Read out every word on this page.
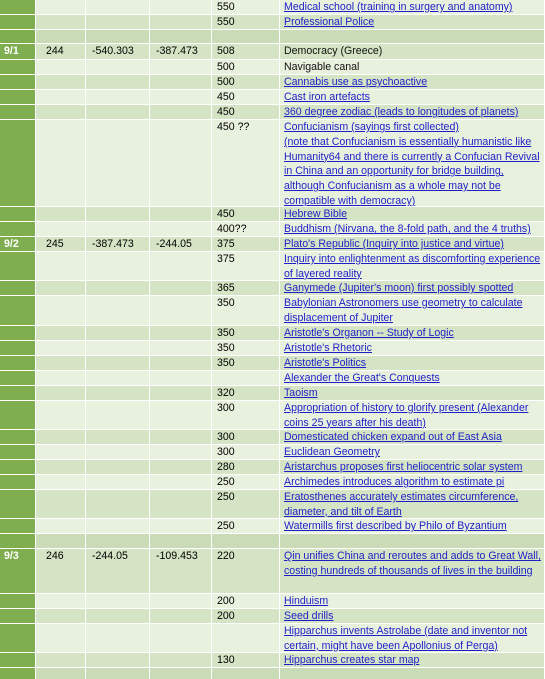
550	Medical school (training in surgery and anatomy)
550	Professional Police
9/1	244	-540.303	-387.473	508	Democracy (Greece)
500	Navigable canal
500	Cannabis use as psychoactive
450	Cast iron artefacts
450	360 degree zodiac (leads to longitudes of planets)
450 ??	Confucianism (sayings first collected)
(note that Confucianism is essentially humanistic like Humanity64 and there is currently a Confucian Revival in China and an opportunity for bridge building, although Confucianism as a whole may not be compatible with democracy)
450	Hebrew Bible
400??	Buddhism (Nirvana, the 8-fold path, and the 4 truths)
9/2	245	-387.473	-244.05	375	Plato's Republic (Inquiry into justice and virtue)
375	Inquiry into enlightenment as discomforting experience of layered reality
365	Ganymede (Jupiter's moon) first possibly spotted
350	Babylonian Astronomers use geometry to calculate displacement of Jupiter
350	Aristotle's Organon -- Study of Logic
350	Aristotle's Rhetoric
350	Aristotle's Politics
Alexander the Great's Conquests
320	Taoism
300	Appropriation of history to glorify present (Alexander coins 25 years after his death)
300	Domesticated chicken expand out of East Asia
300	Euclidean Geometry
280	Aristarchus proposes first heliocentric solar system
250	Archimedes introduces algorithm to estimate pi
250	Eratosthenes accurately estimates circumference, diameter, and tilt of Earth
250	Watermills first described by Philo of Byzantium
9/3	246	-244.05	-109.453	220	Qin unifies China and reroutes and adds to Great Wall, costing hundreds of thousands of lives in the building
200	Hinduism
200	Seed drills
Hipparchus invents Astrolabe (date and inventor not certain, might have been Apollonius of Perga)
130	Hipparchus creates star map
